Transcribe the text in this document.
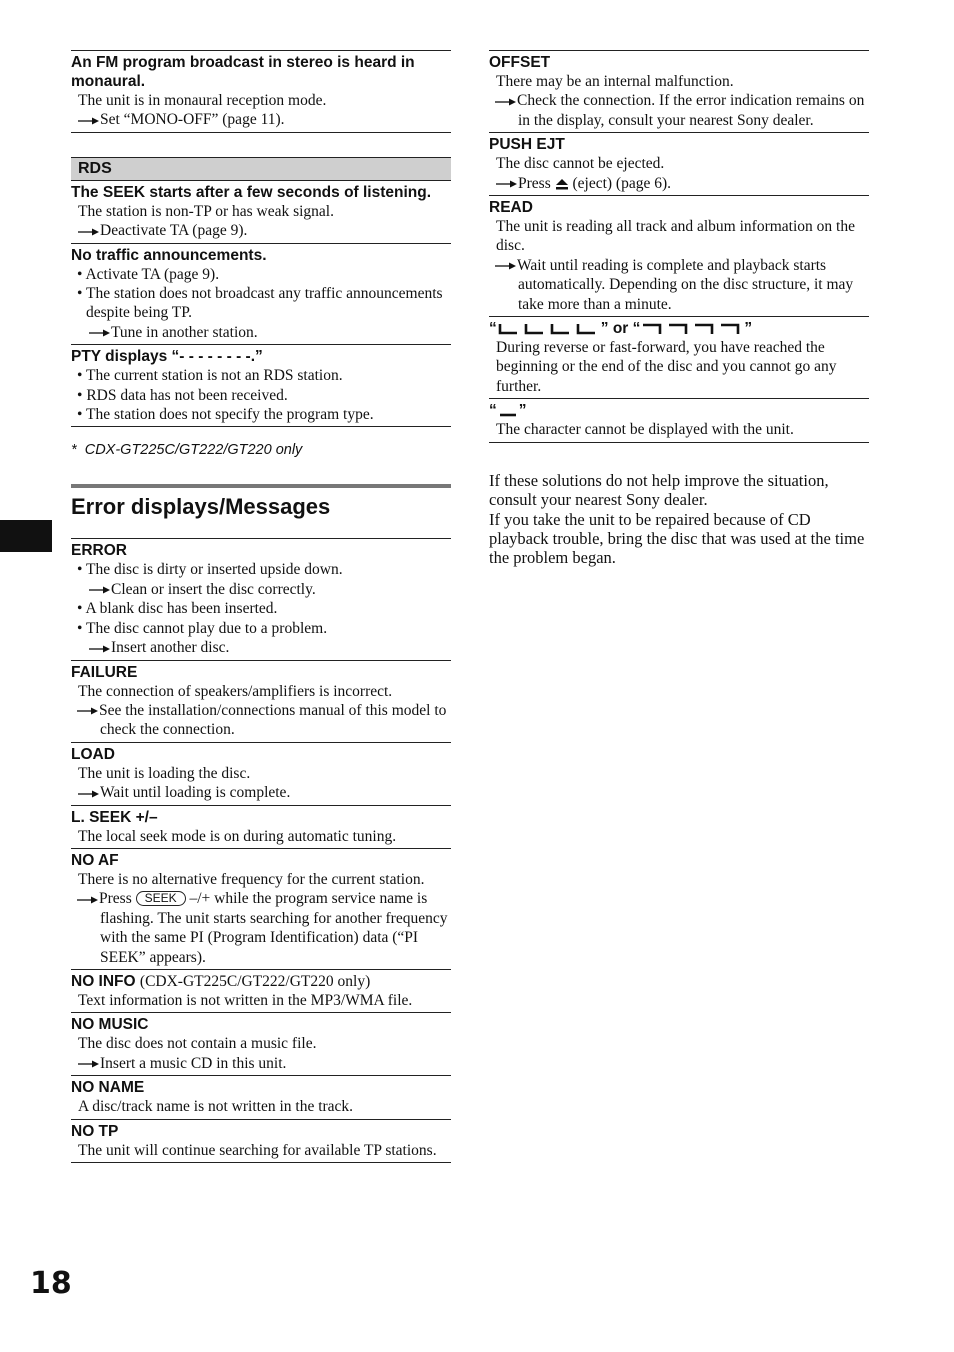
An FM program broadcast in stereo is heard in monaural.
The unit is in monaural reception mode.
Set “MONO-OFF” (page 11).
RDS
The SEEK starts after a few seconds of listening.
The station is non-TP or has weak signal.
Deactivate TA (page 9).
No traffic announcements.
• Activate TA (page 9).
• The station does not broadcast any traffic announcements despite being TP.
Tune in another station.
PTY displays “- - - - - - - -.”
• The current station is not an RDS station.
• RDS data has not been received.
• The station does not specify the program type.
* CDX-GT225C/GT222/GT220 only
Error displays/Messages
ERROR
• The disc is dirty or inserted upside down.
Clean or insert the disc correctly.
• A blank disc has been inserted.
• The disc cannot play due to a problem.
Insert another disc.
FAILURE
The connection of speakers/amplifiers is incorrect.
See the installation/connections manual of this model to check the connection.
LOAD
The unit is loading the disc.
Wait until loading is complete.
L. SEEK +/–
The local seek mode is on during automatic tuning.
NO AF
There is no alternative frequency for the current station.
Press SEEK –/+ while the program service name is flashing. The unit starts searching for another frequency with the same PI (Program Identification) data (“PI SEEK” appears).
NO INFO (CDX-GT225C/GT222/GT220 only)
Text information is not written in the MP3/WMA file.
NO MUSIC
The disc does not contain a music file.
Insert a music CD in this unit.
NO NAME
A disc/track name is not written in the track.
NO TP
The unit will continue searching for available TP stations.
OFFSET
There may be an internal malfunction.
Check the connection. If the error indication remains on in the display, consult your nearest Sony dealer.
PUSH EJT
The disc cannot be ejected.
Press (eject) (page 6).
READ
The unit is reading all track and album information on the disc.
Wait until reading is complete and playback starts automatically. Depending on the disc structure, it may take more than a minute.
“	” or “	”
During reverse or fast-forward, you have reached the beginning or the end of the disc and you cannot go any further.
“ ”
The character cannot be displayed with the unit.
If these solutions do not help improve the situation, consult your nearest Sony dealer.
If you take the unit to be repaired because of CD playback trouble, bring the disc that was used at the time the problem began.
18
